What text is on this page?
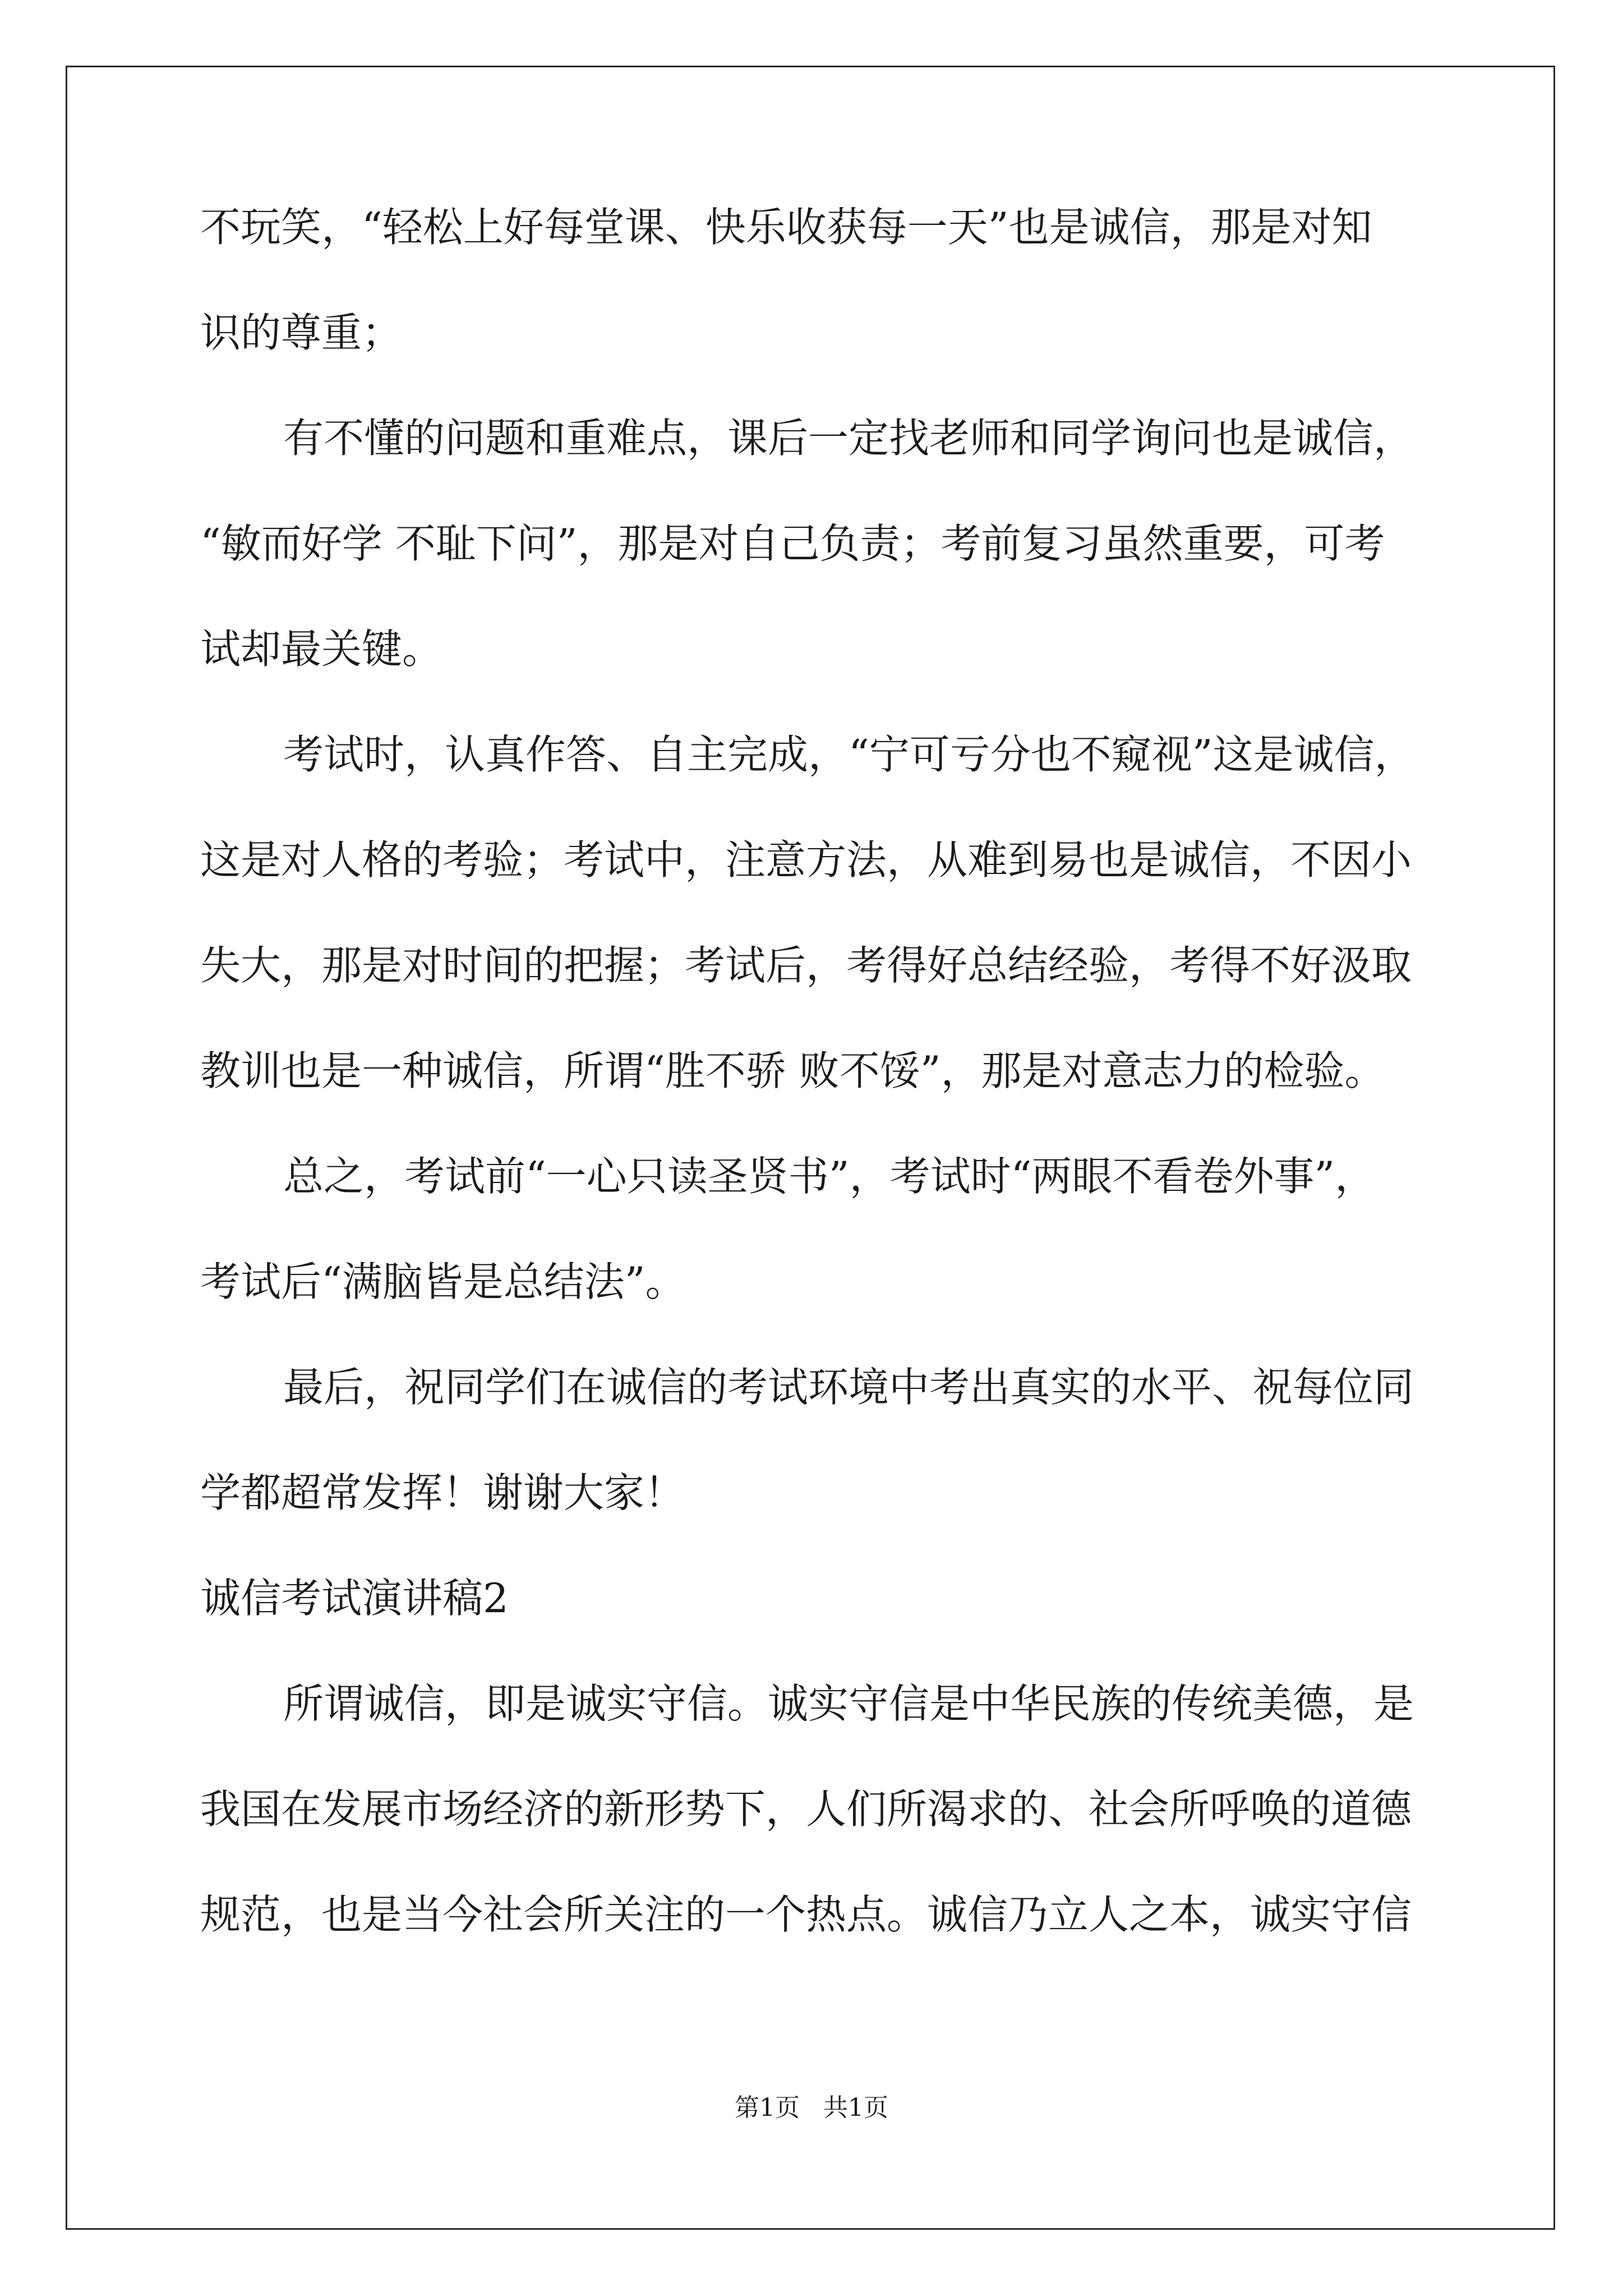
不玩笑，“轻松上好每堂课、快乐收获每一天”也是诚信，那是对知
识的尊重；
有不懂的问题和重难点，课后一定找老师和同学询问也是诚信，
“敏而好学 不耻下问”，那是对自己负责；考前复习虽然重要，可考
试却最关键。
考试时，认真作答、自主完成，“宁可亏分也不窥视”这是诚信，
这是对人格的考验；考试中，注意方法，从难到易也是诚信，不因小
失大，那是对时间的把握；考试后，考得好总结经验，考得不好汲取
教训也是一种诚信，所谓“胜不骄 败不馁”，那是对意志力的检验。
总之，考试前“一心只读圣贤书”，考试时“两眼不看卷外事”，
考试后“满脑皆是总结法”。
最后，祝同学们在诚信的考试环境中考出真实的水平、祝每位同
学都超常发挥！谢谢大家！
诚信考试演讲稿2
所谓诚信，即是诚实守信。诚实守信是中华民族的传统美德，是
我国在发展市场经济的新形势下，人们所渴求的、社会所呼唤的道德
规范，也是当今社会所关注的一个热点。诚信乃立人之本，诚实守信
第1页   共1页
